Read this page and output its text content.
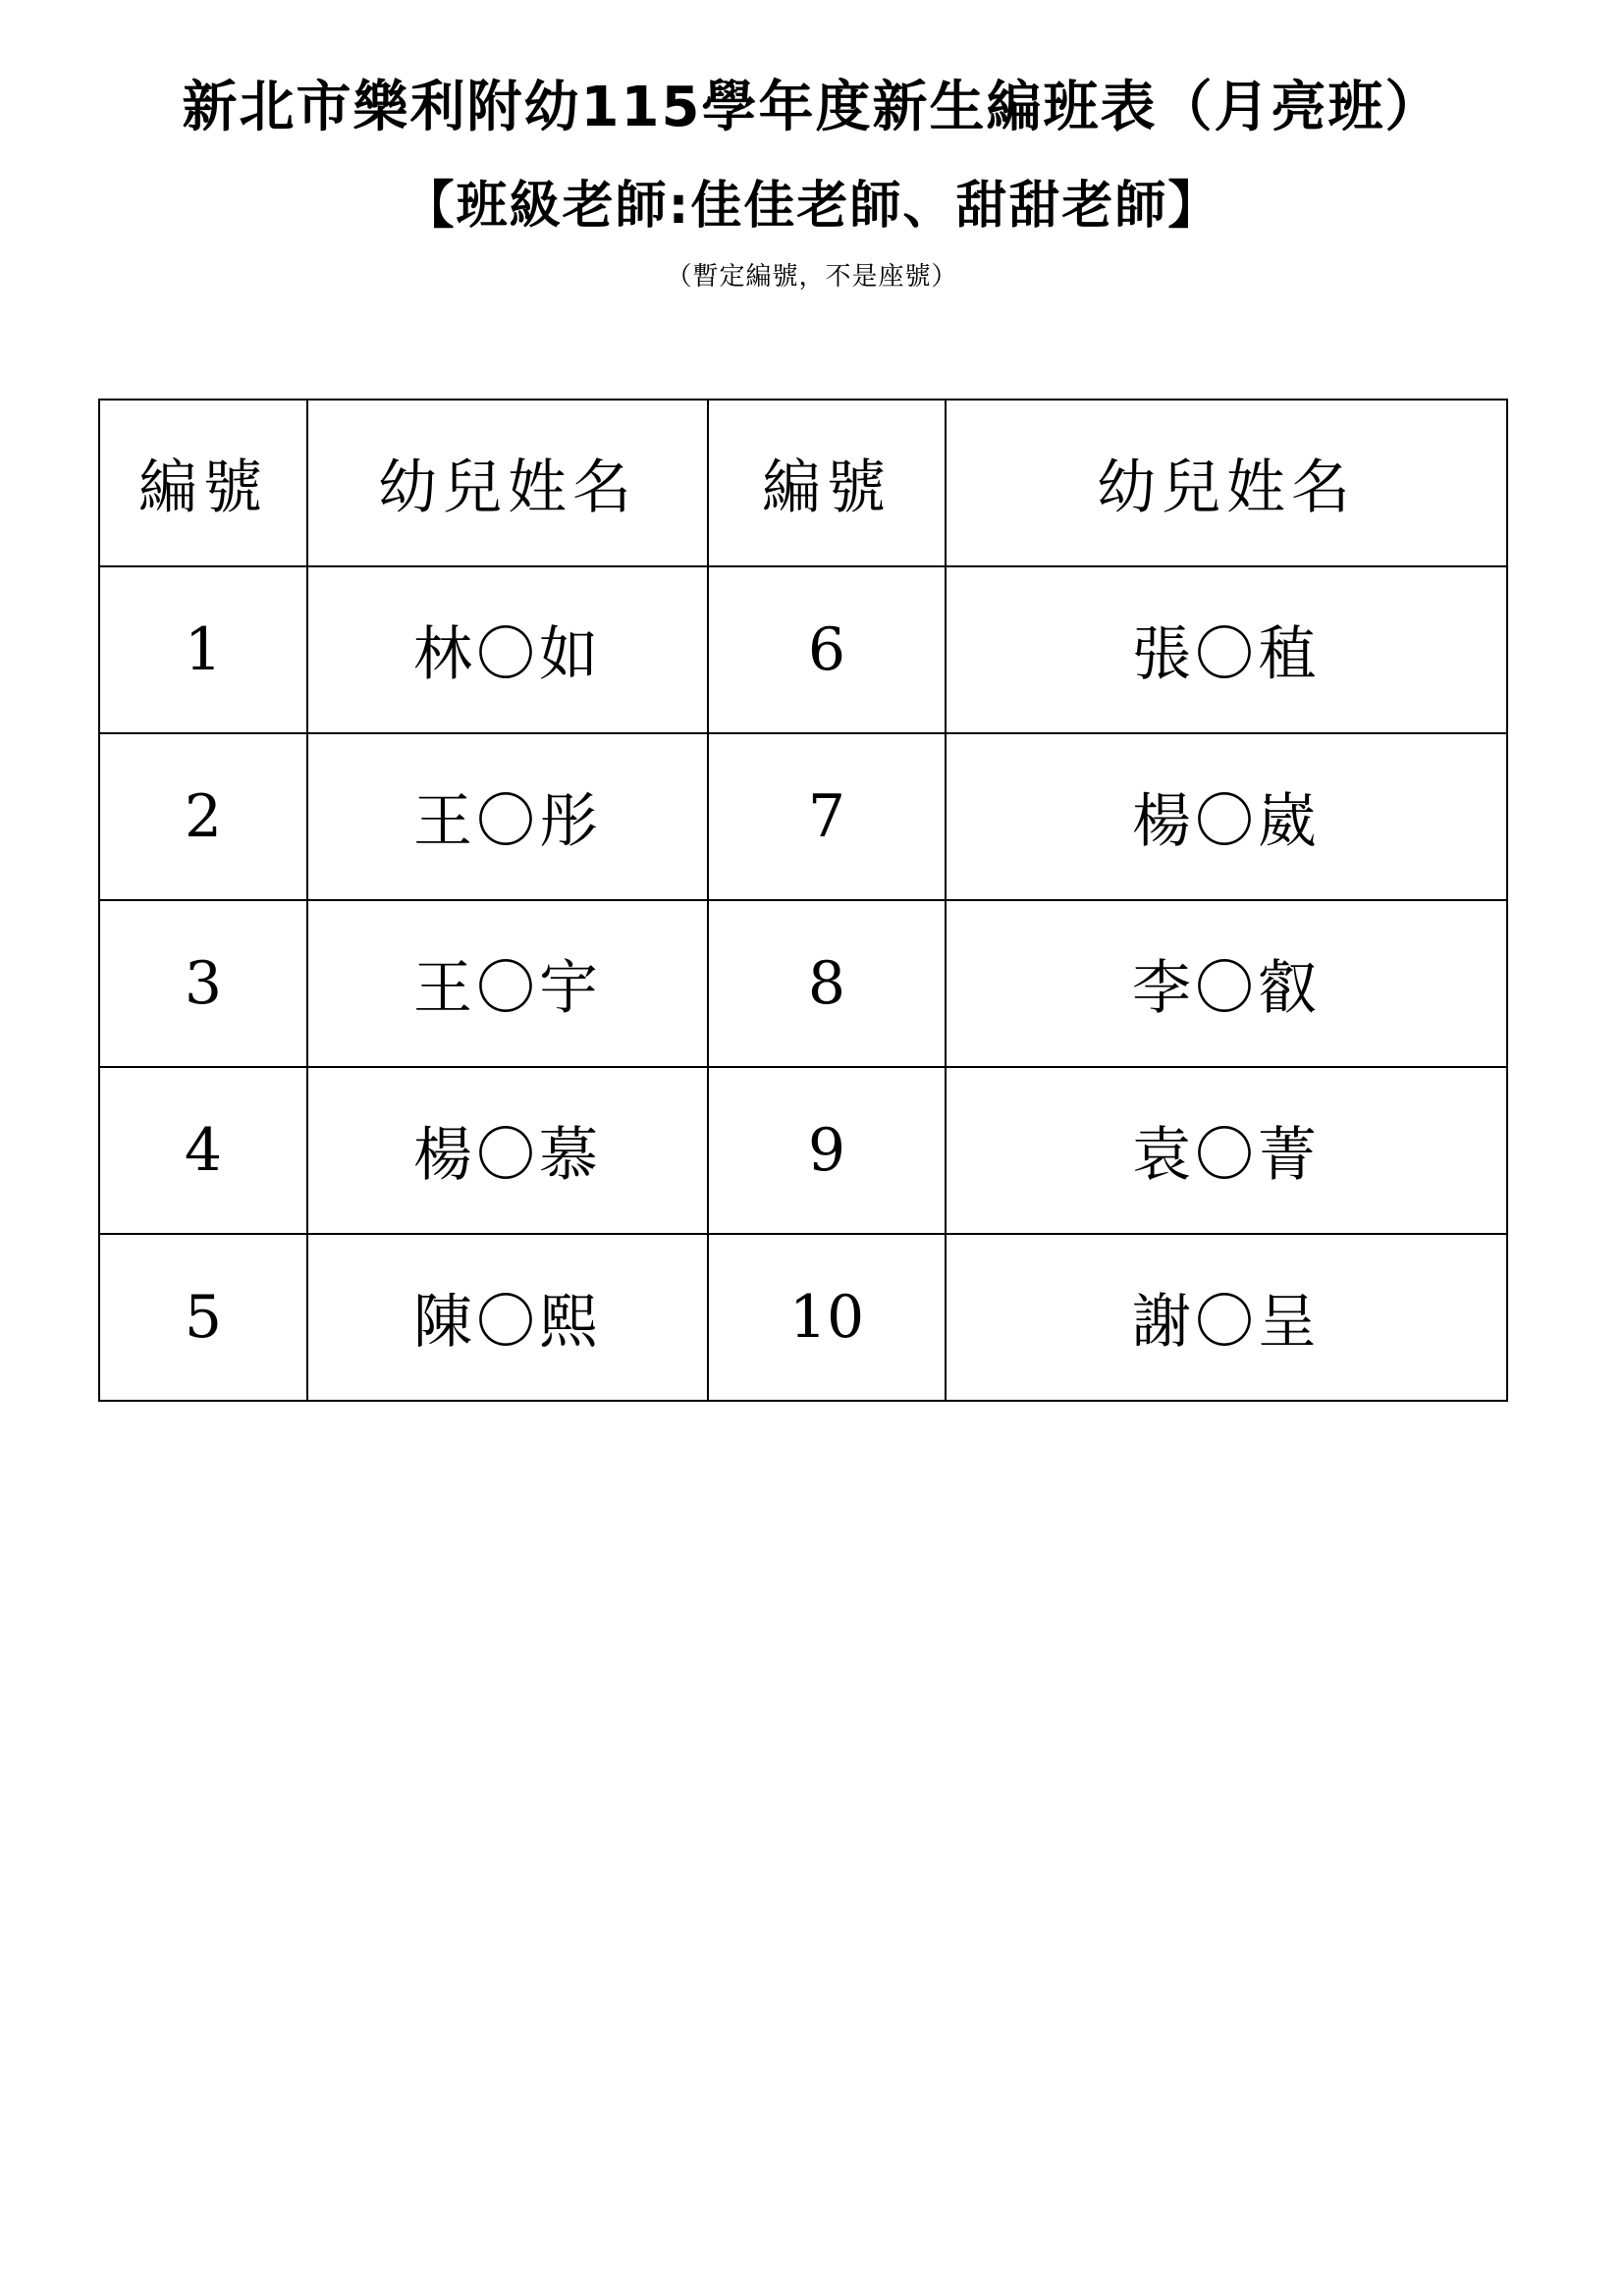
新北市樂利附幼115學年度新生編班表（月亮班）
【班級老師:佳佳老師、甜甜老師】
（暫定編號，不是座號）
編號	幼兒姓名	編號	幼兒姓名
1	林〇如	6	張〇稙
2	王〇彤	7	楊〇崴
3	王〇宇	8	李〇叡
4	楊〇慕	9	袁〇菁
5	陳〇熙	10	謝〇呈
